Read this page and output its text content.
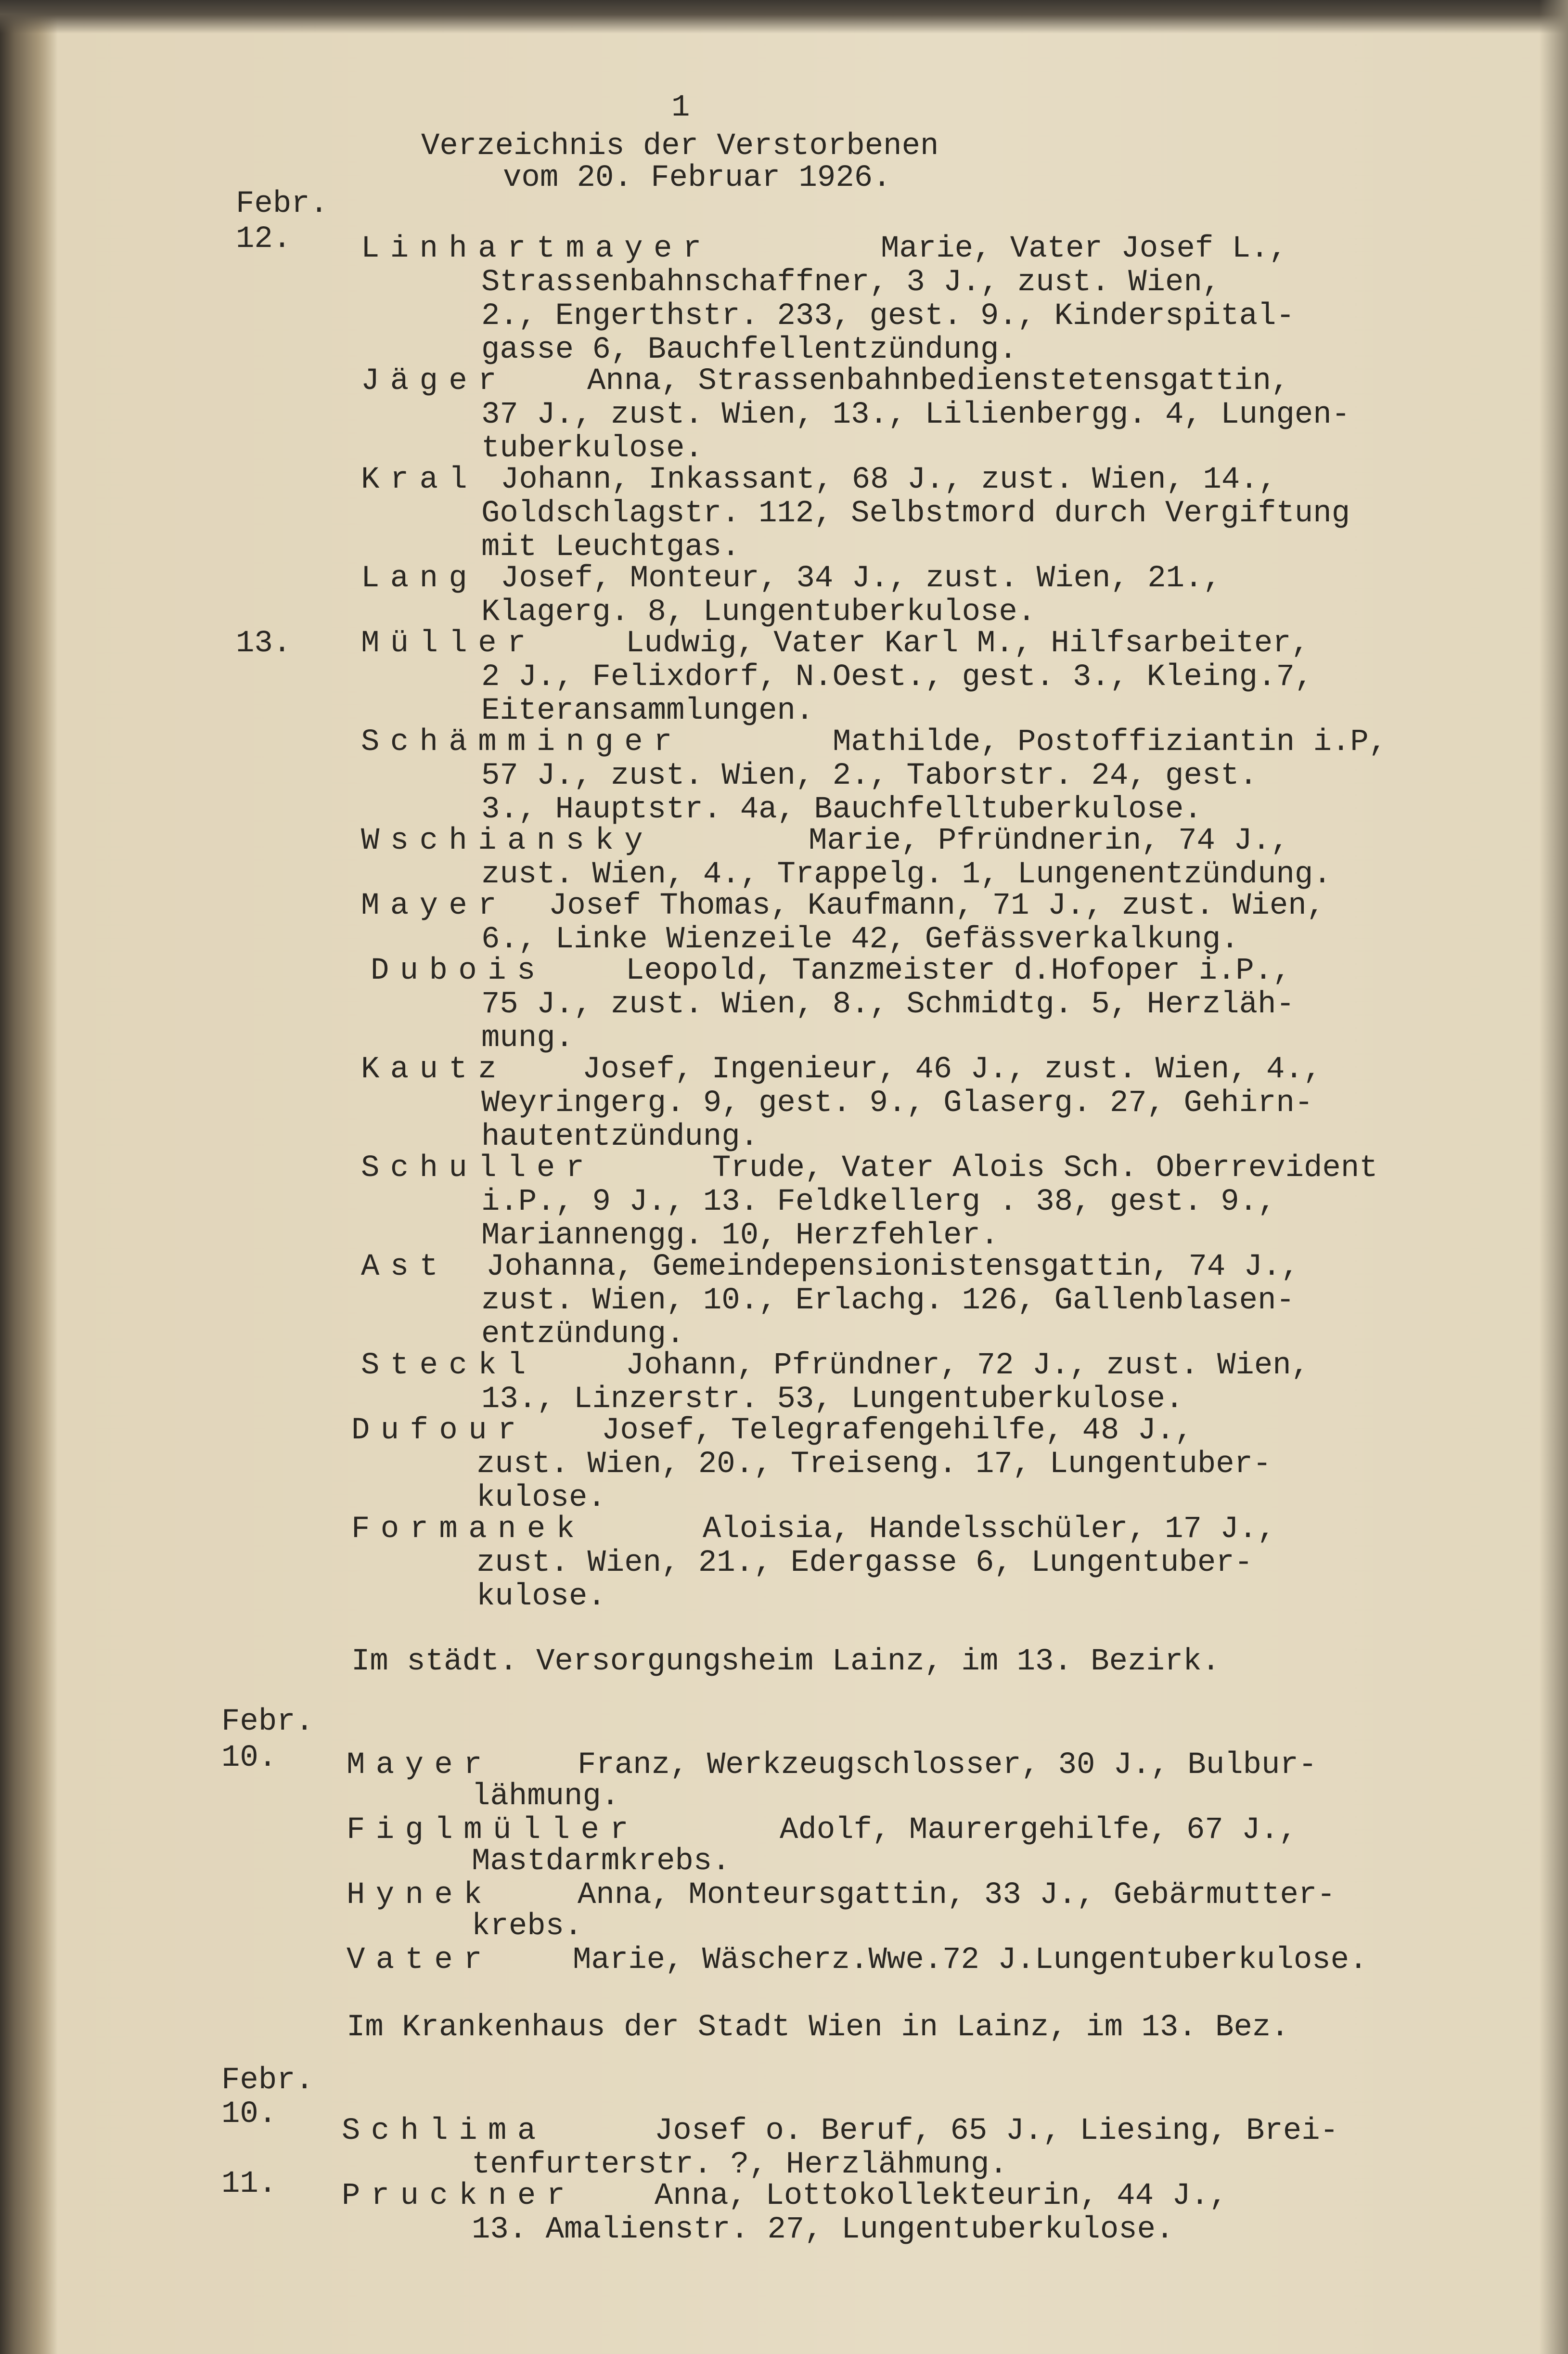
1

Verzeichnis der Verstorbenen

vom 20. Februar 1926.

Febr.

12. Linhartmayer	Marie, Vater Josef L.,

Strassenbahnschaffner, 3 J., zust. Wien,

2., Engerthstr. 233, gest. 9., Kinderspital-

gasse 6, Bauchfellentzündung.

Jäger	Anna, Strassenbahnbedienstetensgattin,

37 J., zust. Wien, 13., Lilienbergg. 4, Lungen-

tuberkulose.

Kral Johann, Inkassant, 68 J., zust. Wien, 14.,

Goldschlagstr. 112, Selbstmord durch Vergiftung

mit Leuchtgas.

Lang Josef, Monteur, 34 J., zust. Wien, 21.,

Klagerg. 8, Lungentuberkulose.

13. Müller	Ludwig, Vater Karl M., Hilfsarbeiter,

2 J., Felixdorf, N.Oest., gest. 3., Kleing.7,

Eiteransammlungen.

Schämminger	Mathilde, Postoffiziantin i.P,

57 J., zust. Wien, 2., Taborstr. 24, gest.

3., Hauptstr. 4a, Bauchfelltuberkulose.

Wschiansky	Marie, Pfründnerin, 74 J.,

zust. Wien, 4., Trappelg. 1, Lungenentzündung.

Mayer Josef Thomas, Kaufmann, 71 J., zust. Wien,

6., Linke Wienzeile 42, Gefässverkalkung.

Dubois	Leopold, Tanzmeister d.Hofoper i.P.,

75 J., zust. Wien, 8., Schmidtg. 5, Herzläh-

mung.

Kautz Josef, Ingenieur, 46 J., zust. Wien, 4.,

Weyringerg. 9, gest. 9., Glaserg. 27, Gehirn-

hautentzündung.

Schuller	Trude, Vater Alois Sch. Oberrevident

i.P., 9 J., 13. Feldkellerg . 38, gest. 9.,

Mariannengg. 10, Herzfehler.

Ast Johanna, Gemeindepensionistensgattin, 74 J.,

zust. Wien, 10., Erlachg. 126, Gallenblasen-

entzündung.

Steckl	Johann, Pfründner, 72 J., zust. Wien,

13., Linzerstr. 53, Lungentuberkulose.

Dufour Josef, Telegrafengehilfe, 48 J.,

zust. Wien, 20., Treiseng. 17, Lungentuber-

kulose.

Formanek	Aloisia, Handelsschüler, 17 J.,

zust. Wien, 21., Edergasse 6, Lungentuber-

kulose.

Im städt. Versorgungsheim Lainz, im 13. Bezirk.

Febr.

10. Mayer	Franz, Werkzeugschlosser, 30 J., Bulbur-

lähmung.

Figlmüller	Adolf, Maurergehilfe, 67 J.,

Mastdarmkrebs.

Hynek	Anna, Monteursgattin, 33 J., Gebärmutter-

krebs.

Vater	Marie, Wäscherz.Wwe.72 J.Lungentuberkulose.

Im Krankenhaus der Stadt Wien in Lainz, im 13. Bez.

Febr.

10. Schlima	Josef o. Beruf, 65 J., Liesing, Brei-

tenfurterstr. ?, Herzlähmung.

11. Pruckner	Anna, Lottokollekteurin, 44 J.,

13. Amalienstr. 27, Lungentuberkulose.
